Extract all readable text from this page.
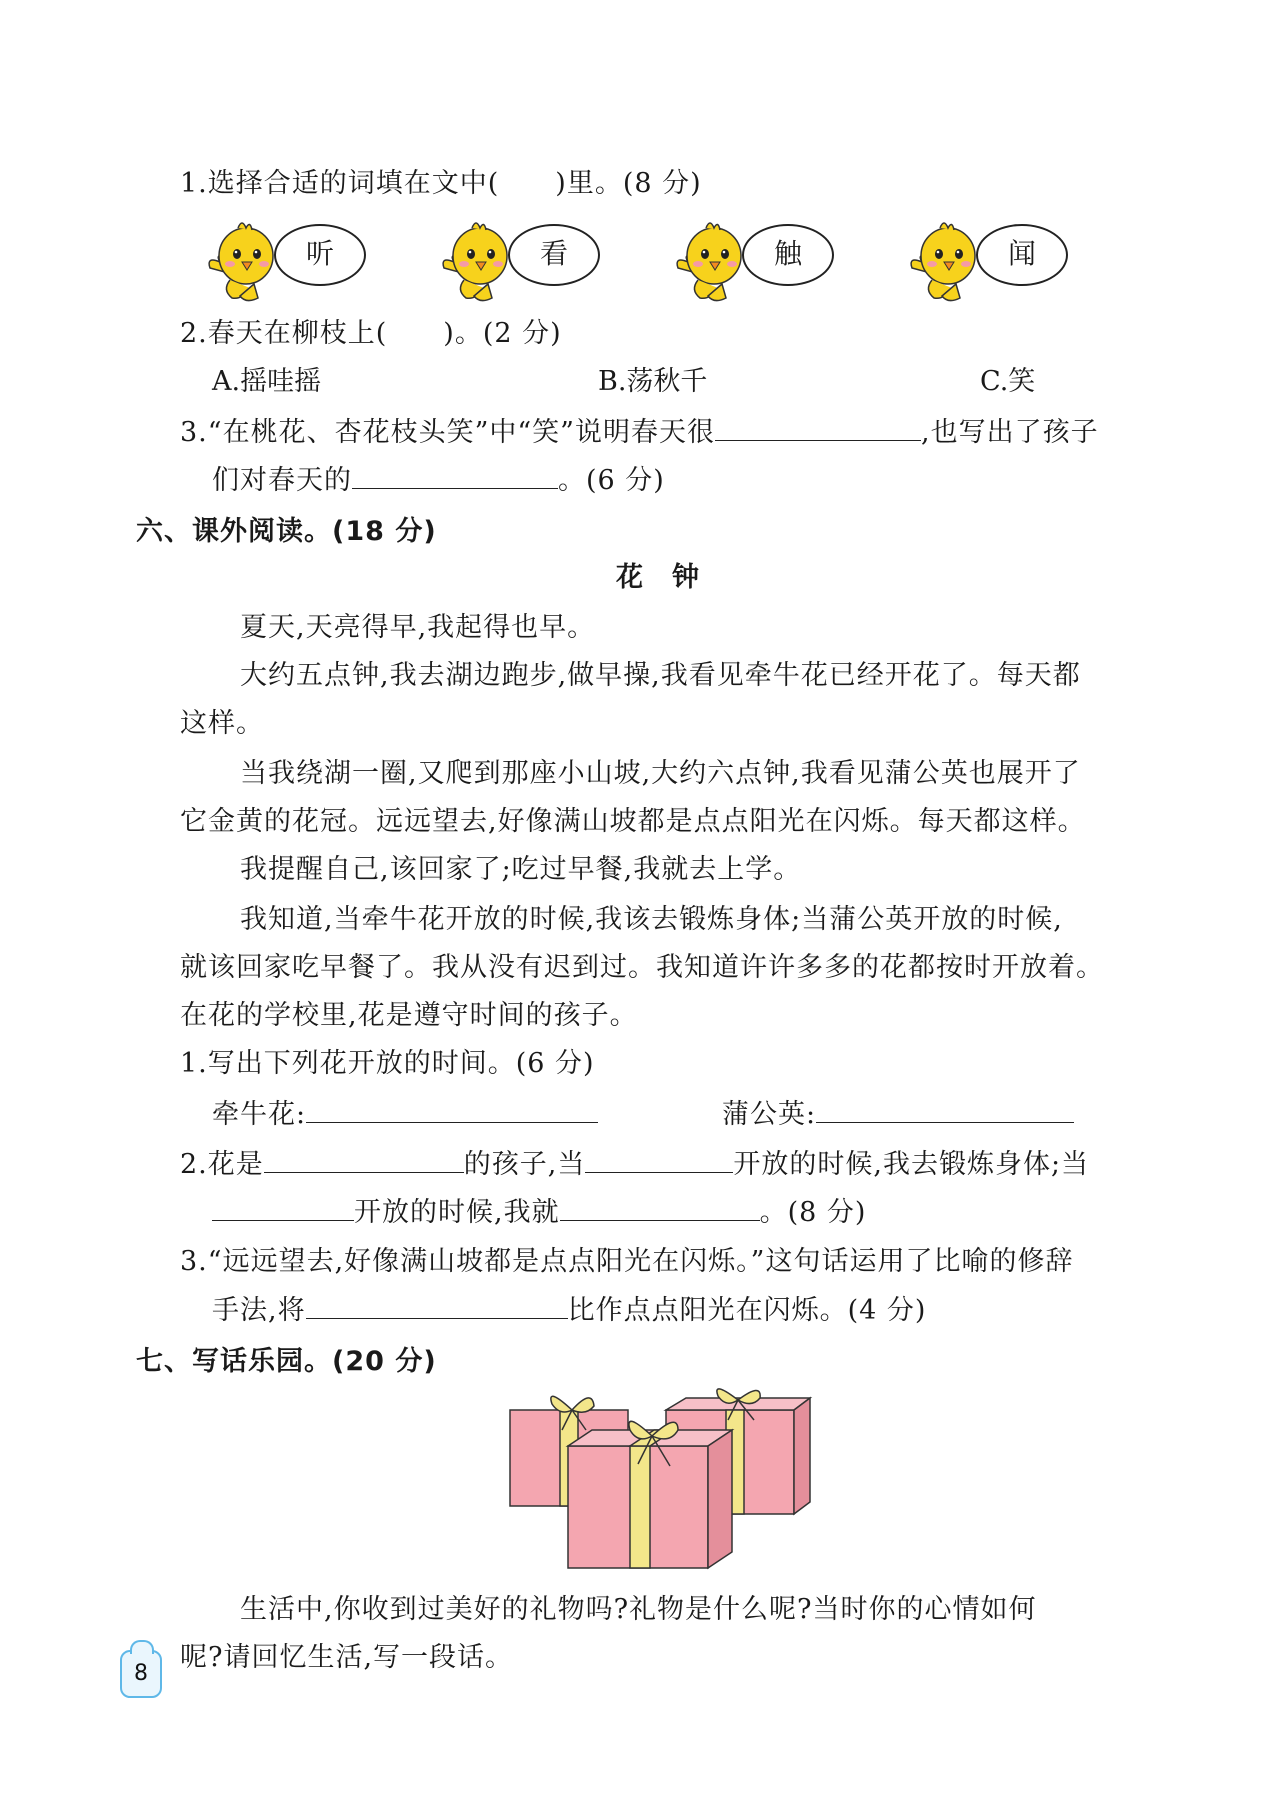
1.选择合适的词填在文中(　　)里。(8 分)
听	看	触	闻
2.春天在柳枝上(　　)。(2 分)
A.摇哇摇	B.荡秋千	C.笑
3.“在桃花、杏花枝头笑”中“笑”说明春天很	,也写出了孩子
们对春天的	。(6 分)
六、课外阅读。(18 分)
花　钟
夏天,天亮得早,我起得也早。
大约五点钟,我去湖边跑步,做早操,我看见牵牛花已经开花了。每天都
这样。
当我绕湖一圈,又爬到那座小山坡,大约六点钟,我看见蒲公英也展开了
它金黄的花冠。远远望去,好像满山坡都是点点阳光在闪烁。每天都这样。
我提醒自己,该回家了;吃过早餐,我就去上学。
我知道,当牵牛花开放的时候,我该去锻炼身体;当蒲公英开放的时候,
就该回家吃早餐了。我从没有迟到过。我知道许许多多的花都按时开放着。
在花的学校里,花是遵守时间的孩子。
1.写出下列花开放的时间。(6 分)
牵牛花:	蒲公英:
2.花是	的孩子,当	开放的时候,我去锻炼身体;当
开放的时候,我就	。(8 分)
3.“远远望去,好像满山坡都是点点阳光在闪烁。”这句话运用了比喻的修辞
手法,将	比作点点阳光在闪烁。(4 分)
七、写话乐园。(20 分)
生活中,你收到过美好的礼物吗?礼物是什么呢?当时你的心情如何
呢?请回忆生活,写一段话。
8
